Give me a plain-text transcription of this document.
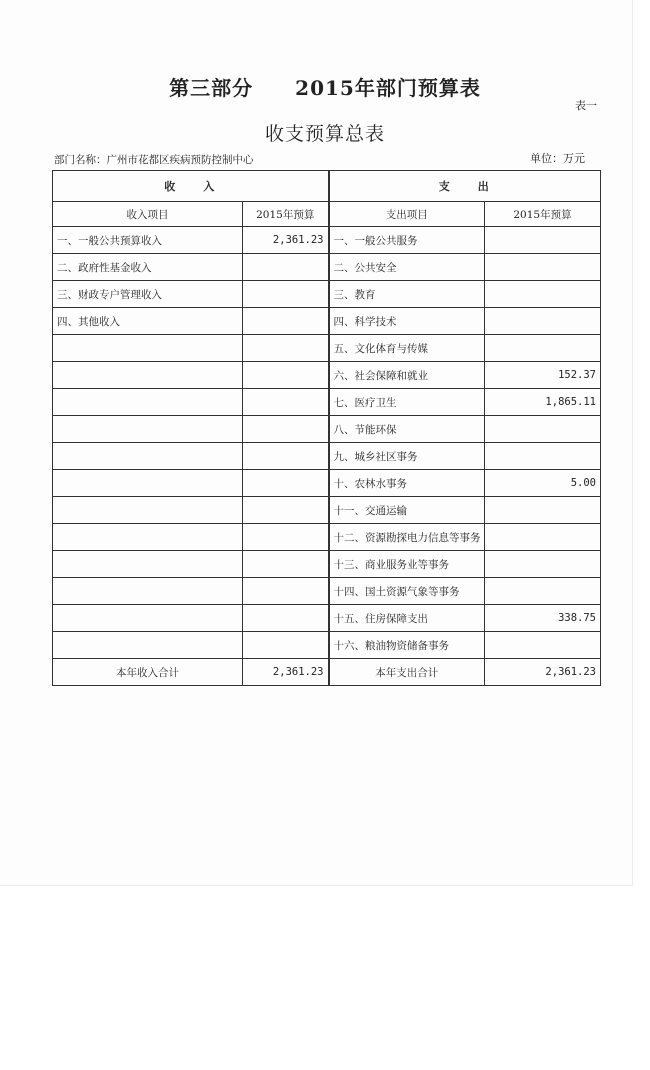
第三部分　　2015年部门预算表
表一
收支预算总表
部门名称：广州市花都区疾病预防控制中心	单位：万元
收　　入		支　　出	
收入项目	2015年预算	支出项目	2015年预算
一、一般公共预算收入	2,361.23	一、一般公共服务	
二、政府性基金收入		二、公共安全	
三、财政专户管理收入		三、教育	
四、其他收入		四、科学技术	
		五、文化体育与传媒	
		六、社会保障和就业	152.37
		七、医疗卫生	1,865.11
		八、节能环保	
		九、城乡社区事务	
		十、农林水事务	5.00
		十一、交通运输	
		十二、资源勘探电力信息等事务	
		十三、商业服务业等事务	
		十四、国土资源气象等事务	
		十五、住房保障支出	338.75
		十六、粮油物资储备事务	
本年收入合计	2,361.23	本年支出合计	2,361.23
